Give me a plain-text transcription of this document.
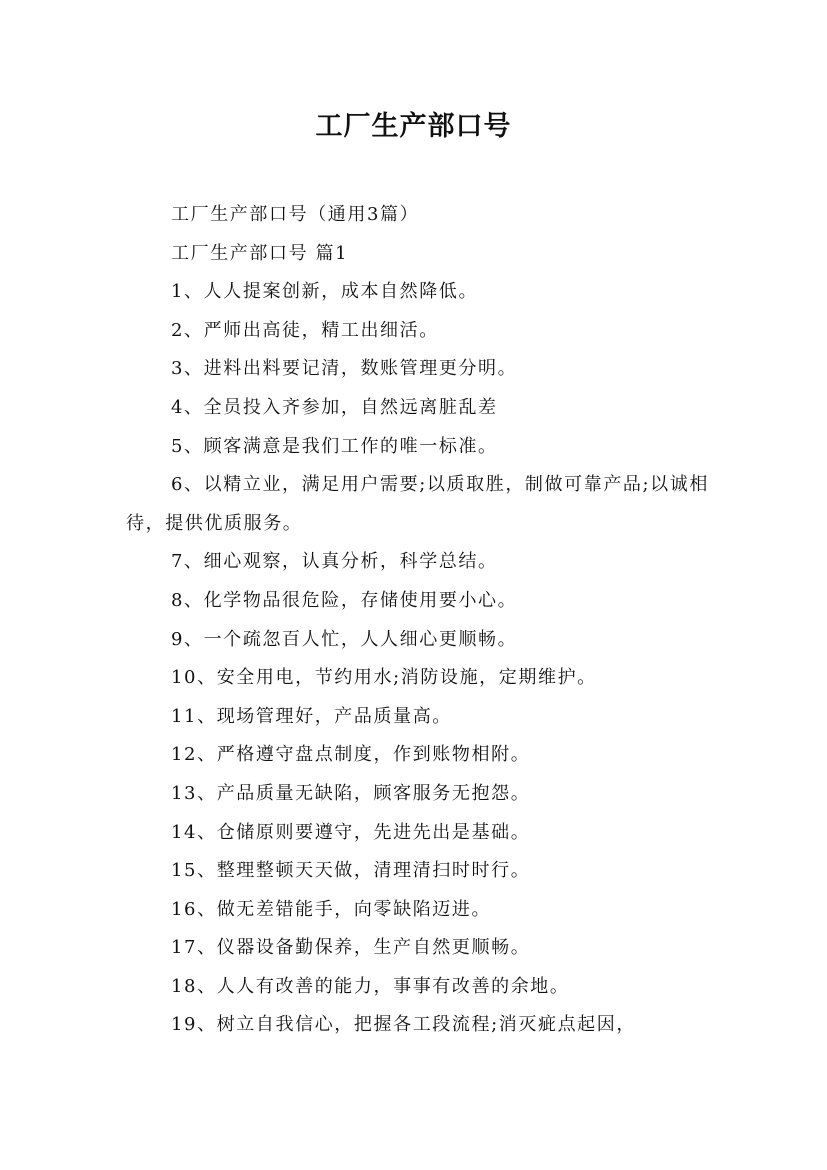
工厂生产部口号

工厂生产部口号（通用3篇）

工厂生产部口号 篇1

1、人人提案创新，成本自然降低。

2、严师出高徒，精工出细活。

3、进料出料要记清，数账管理更分明。

4、全员投入齐参加，自然远离脏乱差

5、顾客满意是我们工作的唯一标准。

6、以精立业，满足用户需要;以质取胜，制做可靠产品;以诚相待，提供优质服务。

7、细心观察，认真分析，科学总结。

8、化学物品很危险，存储使用要小心。

9、一个疏忽百人忙，人人细心更顺畅。

10、安全用电，节约用水;消防设施，定期维护。

11、现场管理好，产品质量高。

12、严格遵守盘点制度，作到账物相附。

13、产品质量无缺陷，顾客服务无抱怨。

14、仓储原则要遵守，先进先出是基础。

15、整理整顿天天做，清理清扫时时行。

16、做无差错能手，向零缺陷迈进。

17、仪器设备勤保养，生产自然更顺畅。

18、人人有改善的能力，事事有改善的余地。

19、树立自我信心，把握各工段流程;消灭疵点起因，
